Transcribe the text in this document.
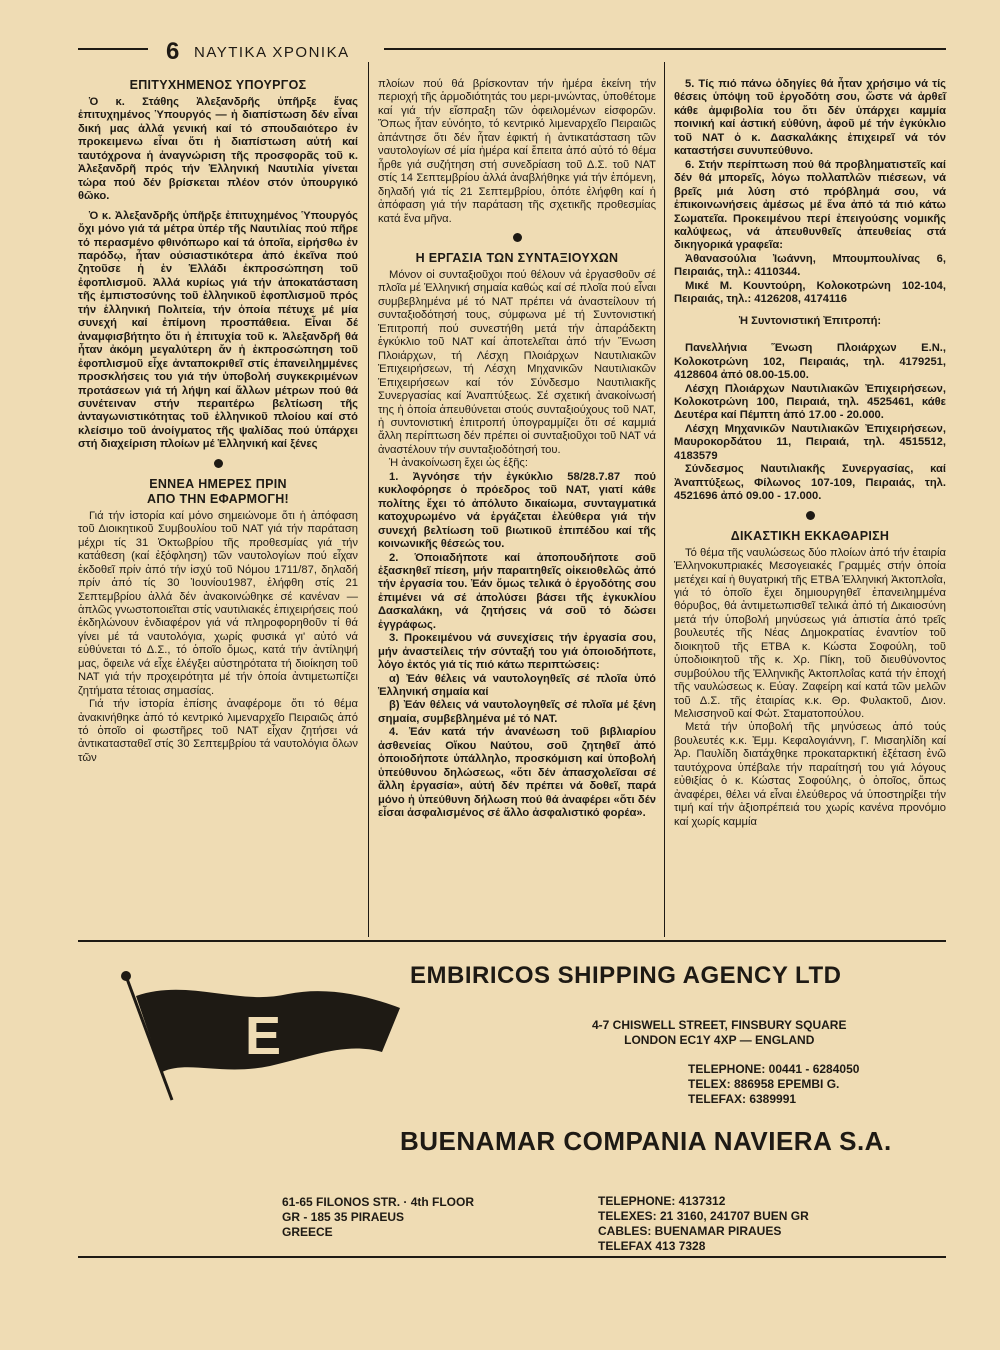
6 ΝΑΥΤΙΚΑ ΧΡΟΝΙΚΑ
ΕΠΙΤΥΧΗΜΕΝΟΣ ΥΠΟΥΡΓΟΣ

Ὁ κ. Στάθης Ἀλεξανδρῆς ὑπῆρξε ἕνας ἐπιτυχημένος Ὑπουργός — ἡ διαπίστωση δέν εἶναι δική μας ἀλλά γενική καί τό σπουδαιότερο ἐν προκειμενω εἶναι ὅτι ἡ διαπίστωση αὐτή καί ταυτόχρονα ἡ ἀναγνώριση τῆς προσφορᾶς τοῦ κ. Ἀλεξανδρῆ πρός τήν Ἑλληνική Ναυτιλία γίνεται τώρα πού δέν βρίσκεται πλέον στόν ὑπουργικό θῶκο.

Ὁ κ. Ἀλεξανδρῆς ὑπῆρξε ἐπιτυχημένος Ὑπουργός ὄχι μόνο γιά τά μέτρα ὑπέρ τῆς Ναυτιλίας πού πῆρε τό περασμένο φθινόπωρο καί τά ὁποῖα, εἰρήσθω ἐν παρόδῳ, ἦταν οὐσιαστικότερα ἀπό ἐκεῖνα πού ζητοῦσε ἡ ἐν Ἑλλάδι ἐκπροσώπηση τοῦ ἐφοπλισμοῦ. Ἀλλά κυρίως γιά τήν ἀποκατάσταση τῆς ἐμπιστοσύνης τοῦ ἑλληνικοῦ ἐφοπλισμοῦ πρός τήν ἑλληνική Πολιτεία, τήν ὁποία πέτυχε μέ μία συνεχή καί ἐπίμονη προσπάθεια. Εἶναι δέ ἀναμφισβήτητο ὅτι ἡ ἐπιτυχία τοῦ κ. Ἀλεξανδρῆ θά ἦταν ἀκόμη μεγαλύτερη ἄν ἡ ἐκπροσώπηση τοῦ ἐφοπλισμοῦ εἶχε ἀνταποκριθεῖ στίς ἐπανειλημμένες προσκλήσεις του γιά τήν ὑποβολή συγκεκριμένων προτάσεων γιά τή λήψη καί ἄλλων μέτρων πού θά συνέτειναν στήν περαιτέρω βελτίωση τῆς ἀνταγωνιστικότητας τοῦ ἑλληνικοῦ πλοίου καί στό κλείσιμο τοῦ ἀνοίγματος τῆς ψαλίδας πού ὑπάρχει στή διαχείριση πλοίων μέ Ἑλληνική καί ξένες

ΕΝΝΕΑ ΗΜΕΡΕΣ ΠΡΙΝ
ΑΠΟ ΤΗΝ ΕΦΑΡΜΟΓΗ!

Γιά τήν ἱστορία καί μόνο σημειώνομε ὅτι ἡ ἀπόφαση τοῦ Διοικητικοῦ Συμβουλίου τοῦ ΝΑΤ γιά τήν παράταση μέχρι τίς 31 Ὀκτωβρίου τῆς προθεσμίας γιά τήν κατάθεση (καί ἐξόφληση) τῶν ναυτολογίων πού εἶχαν ἐκδοθεῖ πρίν ἀπό τήν ἰσχύ τοῦ Νόμου 1711/87, δηλαδή πρίν ἀπό τίς 30 Ἰουνίου1987, ἐλήφθη στίς 21 Σεπτεμβρίου ἀλλά δέν ἀνακοινώθηκε σέ κανέναν — ἁπλῶς γνωστοποιεῖται στίς ναυτιλιακές ἐπιχειρήσεις πού ἐκδηλώνουν ἐνδιαφέρον γιά νά πληροφορηθοῦν τί θά γίνει μέ τά ναυτολόγια, χωρίς φυσικά γι' αὐτό νά εὐθύνεται τό Δ.Σ., τό ὁποῖο ὅμως, κατά τήν ἀντίληψή μας, ὄφειλε νά εἶχε ἐλέγξει αὐστηρότατα τή διοίκηση τοῦ ΝΑΤ γιά τήν προχειρότητα μέ τήν ὁποία ἀντιμετωπίζει ζητήματα τέτοιας σημασίας.

Γιά τήν ἱστορία ἐπίσης ἀναφέρομε ὅτι τό θέμα ἀνακινήθηκε ἀπό τό κεντρικό λιμεναρχεῖο Πειραιῶς ἀπό τό ὁποῖο οἱ φωστῆρες τοῦ ΝΑΤ εἶχαν ζητήσει νά ἀντικατασταθεῖ στίς 30 Σεπτεμβρίου τά ναυτολόγια ὅλων τῶν

πλοίων πού θά βρίσκονταν τήν ἡμέρα ἐκείνη τήν περιοχή τῆς ἁρμοδιότητάς του μερι-μνώντας, ὑποθέτομε καί γιά τήν εἴσπραξη τῶν ὀφειλομένων εἰσφορῶν. Ὅπως ἦταν εὐνόητο, τό κεντρικό λιμεναρχεῖο Πειραιῶς ἀπάντησε ὅτι δέν ἦταν ἐφικτή ἡ ἀντικατάσταση τῶν ναυτολογίων σέ μία ἡμέρα καί ἔπειτα ἀπό αὐτό τό θέμα ἦρθε γιά συζήτηση στή συνεδρίαση τοῦ Δ.Σ. τοῦ ΝΑΤ στίς 14 Σεπτεμβρίου ἀλλά ἀναβλήθηκε γιά τήν ἑπόμενη, δηλαδή γιά τίς 21 Σεπτεμβρίου, ὁπότε ἐλήφθη καί ἡ ἀπόφαση γιά τήν παράταση τῆς σχετικῆς προθεσμίας κατά ἕνα μῆνα.

Η ΕΡΓΑΣΙΑ ΤΩΝ ΣΥΝΤΑΞΙΟΥΧΩΝ

Μόνον οἱ συνταξιοῦχοι πού θέλουν νά ἐργασθοῦν σέ πλοῖα μέ Ἑλληνική σημαία καθώς καί σέ πλοῖα πού εἶναι συμβεβλημένα μέ τό ΝΑΤ πρέπει νά ἀναστείλουν τή συνταξιοδότησή τους, σύμφωνα μέ τή Συντονιστική Ἐπιτροπή πού συνεστήθη μετά τήν ἀπαράδεκτη ἐγκύκλιο τοῦ ΝΑΤ καί ἀποτελεῖται ἀπό τήν Ἕνωση Πλοιάρχων, τή Λέσχη Πλοιάρχων Ναυτιλιακῶν Ἐπιχειρήσεων, τή Λέσχη Μηχανικῶν Ναυτιλιακῶν Ἐπιχειρήσεων καί τόν Σύνδεσμο Ναυτιλιακῆς Συνεργασίας καί Ἀναπτύξεως. Σέ σχετική ἀνακοίνωσή της ἡ ὁποία ἀπευθύνεται στούς συνταξιούχους τοῦ ΝΑΤ, ἡ συντονιστική ἐπιτροπή ὑπογραμμίζει ὅτι σέ καμμιά ἄλλη περίπτωση δέν πρέπει οἱ συνταξιοῦχοι τοῦ ΝΑΤ νά ἀναστέλουν τήν συνταξιοδότησή του.

Ἡ ἀνακοίνωση ἔχει ὡς ἑξῆς:

1. Ἀγνόησε τήν ἐγκύκλιο 58/28.7.87 πού κυκλοφόρησε ὁ πρόεδρος τοῦ ΝΑΤ, γιατί κάθε πολίτης ἔχει τό ἀπόλυτο δικαίωμα, συνταγματικά κατοχυρωμένο νά ἐργάζεται ἐλεύθερα γιά τήν συνεχή βελτίωση τοῦ βιωτικοῦ ἐπιπέδου καί τῆς κοινωνικῆς θέσεώς του.

2. Ὁποιαδήποτε καί ἀποπουδήποτε σοῦ ἐξασκηθεῖ πίεση, μήν παραιτηθεῖς οἰκειοθελῶς ἀπό τήν ἐργασία του. Ἐάν ὅμως τελικά ὁ ἐργοδότης σου ἐπιμένει νά σέ ἀπολύσει βάσει τῆς ἐγκυκλίου Δασκαλάκη, νά ζητήσεις νά σοῦ τό δώσει ἐγγράφως.

3. Προκειμένου νά συνεχίσεις τήν ἐργασία σου, μήν ἀναστείλεις τήν σύνταξή του γιά ὁποιοδήποτε, λόγο ἐκτός γιά τίς πιό κάτω περιπτώσεις:

α) Ἐάν θέλεις νά ναυτολογηθεῖς σέ πλοῖα ὑπό Ἑλληνική σημαία καί

β) Ἐάν θέλεις νά ναυτολογηθεῖς σέ πλοῖα μέ ξένη σημαία, συμβεβλημένα μέ τό ΝΑΤ.

4. Ἐάν κατά τήν ἀνανέωση τοῦ βιβλιαρίου ἀσθενείας Οἴκου Ναύτου, σοῦ ζητηθεῖ ἀπό ὁποιοδήποτε ὑπάλληλο, προσκόμιση καί ὑποβολή ὑπεύθυνου δηλώσεως, «ὅτι δέν ἀπασχολεῖσαι σέ ἄλλη ἐργασία», αὐτή δέν πρέπει νά δοθεῖ, παρά μόνο ἡ ὑπεύθυνη δήλωση πού θά ἀναφέρει «ὅτι δέν εἶσαι ἀσφαλισμένος σέ ἄλλο ἀσφαλιστικό φορέα».

5. Τίς πιό πάνω ὁδηγίες θά ἦταν χρήσιμο νά τίς θέσεις ὑπόψη τοῦ ἐργοδότη σου, ὥστε νά ἀρθεῖ κάθε ἀμφιβολία του ὅτι δέν ὑπάρχει καμμία ποινική καί ἀστική εὐθύνη, ἀφοῦ μέ τήν ἐγκύκλιο τοῦ ΝΑΤ ὁ κ. Δασκαλάκης ἐπιχειρεῖ νά τόν καταστήσει συνυπεύθυνο.

6. Στήν περίπτωση πού θά προβληματιστεῖς καί δέν θά μπορεῖς, λόγω πολλαπλῶν πιέσεων, νά βρεῖς μιά λύση στό πρόβλημά σου, νά ἐπικοινωνήσεις ἀμέσως μέ ἕνα ἀπό τά πιό κάτω Σωματεῖα. Προκειμένου περί ἐπειγούσης νομικῆς καλύψεως, νά ἀπευθυνθεῖς ἀπευθείας στά δικηγορικά γραφεῖα:

Ἀθανασούλια Ἰωάννη, Μπουμπουλίνας 6, Πειραιάς, τηλ.: 4110344.

Μικέ Μ. Κουντούρη, Κολοκοτρώνη 102-104, Πειραιάς, τηλ.: 4126208, 4174116

Ἡ Συντονιστική Ἐπιτροπή:

Πανελλήνια Ἕνωση Πλοιάρχων Ε.Ν., Κολοκοτρώνη 102, Πειραιάς, τηλ. 4179251, 4128604 ἀπό 08.00-15.00.

Λέσχη Πλοιάρχων Ναυτιλιακῶν Ἐπιχειρήσεων, Κολοκοτρώνη 100, Πειραιά, τηλ. 4525461, κάθε Δευτέρα καί Πέμπτη ἀπό 17.00 - 20.000.

Λέσχη Μηχανικῶν Ναυτιλιακῶν Ἐπιχειρήσεων, Μαυροκορδάτου 11, Πειραιά, τηλ. 4515512, 4183579

Σύνδεσμος Ναυτιλιακῆς Συνεργασίας, καί Ἀναπτύξεως, Φίλωνος 107-109, Πειραιάς, τηλ. 4521696 ἀπό 09.00 - 17.000.

ΔΙΚΑΣΤΙΚΗ ΕΚΚΑΘΑΡΙΣΗ

Τό θέμα τῆς ναυλώσεως δύο πλοίων ἀπό τήν ἑταιρία Ἑλληνοκυπριακές Μεσογειακές Γραμμές στήν ὁποία μετέχει καί ἡ θυγατρική τῆς ΕΤΒΑ Ἑλληνική Ἀκτοπλοΐα, γιά τό ὁποῖο ἔχει δημιουργηθεῖ ἐπανειλημμένα θόρυβος, θά ἀντιμετωπισθεῖ τελικά ἀπό τή Δικαιοσύνη μετά τήν ὑποβολή μηνύσεως γιά ἀπιστία ἀπό τρεῖς βουλευτές τῆς Νέας Δημοκρατίας ἐναντίον τοῦ διοικητοῦ τῆς ΕΤΒΑ κ. Κώστα Σοφούλη, τοῦ ὑποδιοικητοῦ τῆς κ. Χρ. Πίκη, τοῦ διευθύνοντος συμβούλου τῆς Ἑλληνικῆς Ἀκτοπλοΐας κατά τήν ἐποχή τῆς ναυλώσεως κ. Εὐαγ. Ζαφείρη καί κατά τῶν μελῶν τοῦ Δ.Σ. τῆς ἑταιρίας κ.κ. Θρ. Φυλακτοῦ, Διον. Μελισσηνοῦ καί Φώτ. Σταματοπούλου.

Μετά τήν ὑποβολή τῆς μηνύσεως ἀπό τούς βουλευτές κ.κ. Ἐμμ. Κεφαλογιάννη, Γ. Μισαηλίδη καί Ἀρ. Παυλίδη διατάχθηκε προκαταρκτική ἐξέταση ἐνῶ ταυτόχρονα ὑπέβαλε τήν παραίτησή του γιά λόγους εὐθιξίας ὁ κ. Κώστας Σοφούλης, ὁ ὁποῖος, ὅπως ἀναφέρει, θέλει νά εἶναι ἐλεύθερος νά ὑποστηρίξει τήν τιμή καί τήν ἀξιοπρέπειά του χωρίς κανένα προνόμιο καί χωρίς καμμία

E
EMBIRICOS SHIPPING AGENCY LTD
4-7 CHISWELL STREET, FINSBURY SQUARE
LONDON EC1Y 4XP — ENGLAND
TELEPHONE: 00441 - 6284050
TELEX: 886958 EPEMBI G.
TELEFAX: 6389991
BUENAMAR COMPANIA NAVIERA S.A.
61-65 FILONOS STR. · 4th FLOOR
GR - 185 35 PIRAEUS
GREECE
TELEPHONE: 4137312
TELEXES: 21 3160, 241707 BUEN GR
CABLES: BUENAMAR PIRAUES
TELEFAX 413 7328
